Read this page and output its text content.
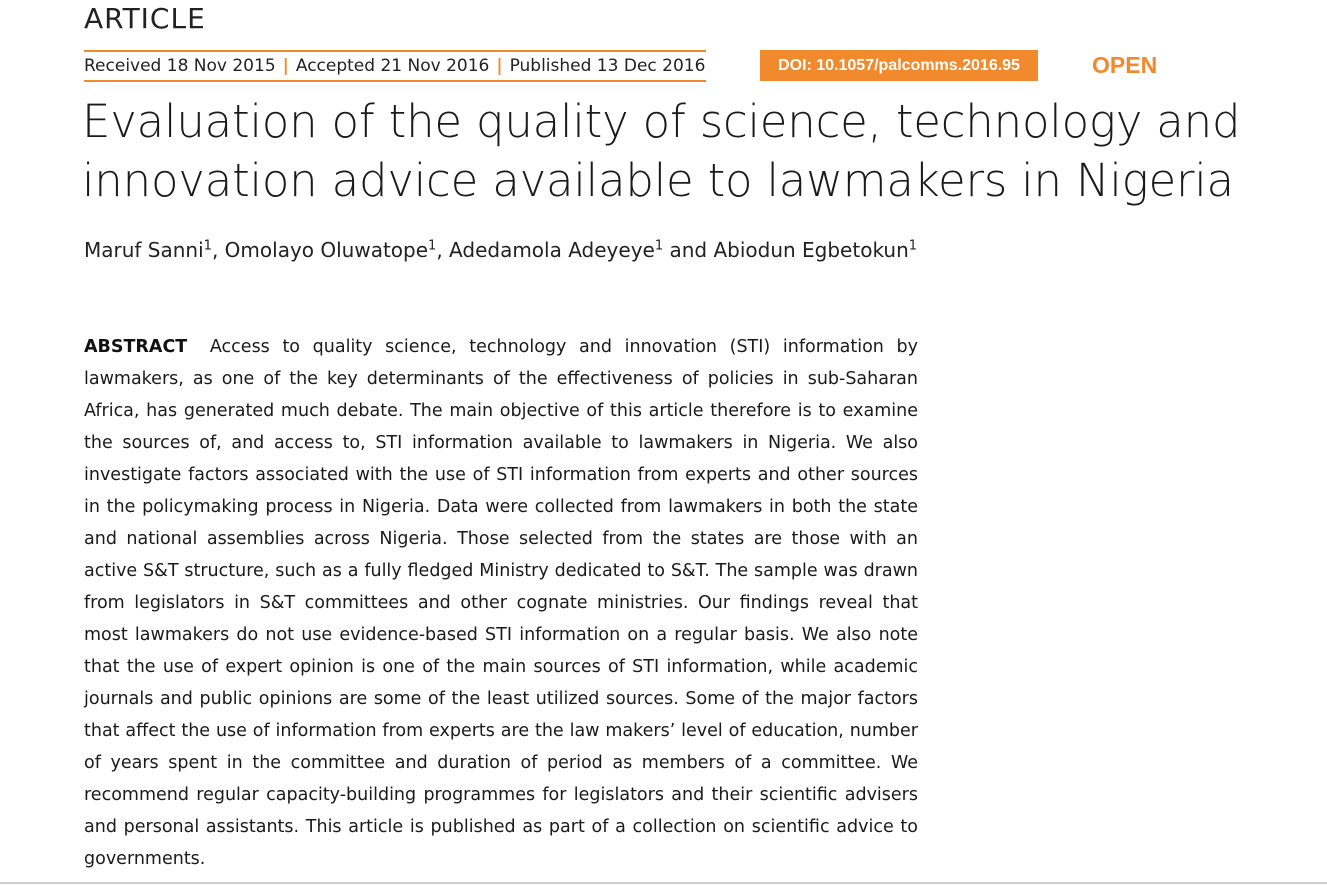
ARTICLE
Received 18 Nov 2015 | Accepted 21 Nov 2016 | Published 13 Dec 2016	DOI: 10.1057/palcomms.2016.95	OPEN
Evaluation of the quality of science, technology and
innovation advice available to lawmakers in Nigeria
Maruf Sanni$^1$, Omolayo Oluwatope$^1$, Adedamola Adeyeye$^1$ and Abiodun Egbetokun$^1$

ABSTRACT Access to quality science, technology and innovation (STI) information by lawmakers, as one of the key determinants of the effectiveness of policies in sub-Saharan Africa, has generated much debate. The main objective of this article therefore is to examine the sources of, and access to, STI information available to lawmakers in Nigeria. We also investigate factors associated with the use of STI information from experts and other sources in the policymaking process in Nigeria. Data were collected from lawmakers in both the state and national assemblies across Nigeria. Those selected from the states are those with an active S&T structure, such as a fully fledged Ministry dedicated to S&T. The sample was drawn from legislators in S&T committees and other cognate ministries. Our findings reveal that most lawmakers do not use evidence-based STI information on a regular basis. We also note that the use of expert opinion is one of the main sources of STI information, while academic journals and public opinions are some of the least utilized sources. Some of the major factors that affect the use of information from experts are the law makers’ level of education, number of years spent in the committee and duration of period as members of a committee. We recommend regular capacity-building programmes for legislators and their scientific advisers and personal assistants. This article is published as part of a collection on scientific advice to governments.
